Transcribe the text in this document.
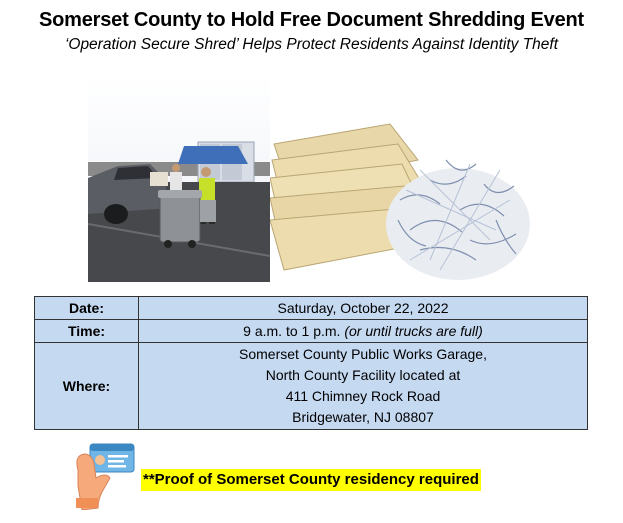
Somerset County to Hold Free Document Shredding Event
‘Operation Secure Shred’ Helps Protect Residents Against Identity Theft
Date:	Saturday, October 22, 2022
Time:	9 a.m. to 1 p.m. (or until trucks are full)
Where:	Somerset County Public Works Garage,
North County Facility located at
411 Chimney Rock Road
Bridgewater, NJ 08807
**Proof of Somerset County residency required
